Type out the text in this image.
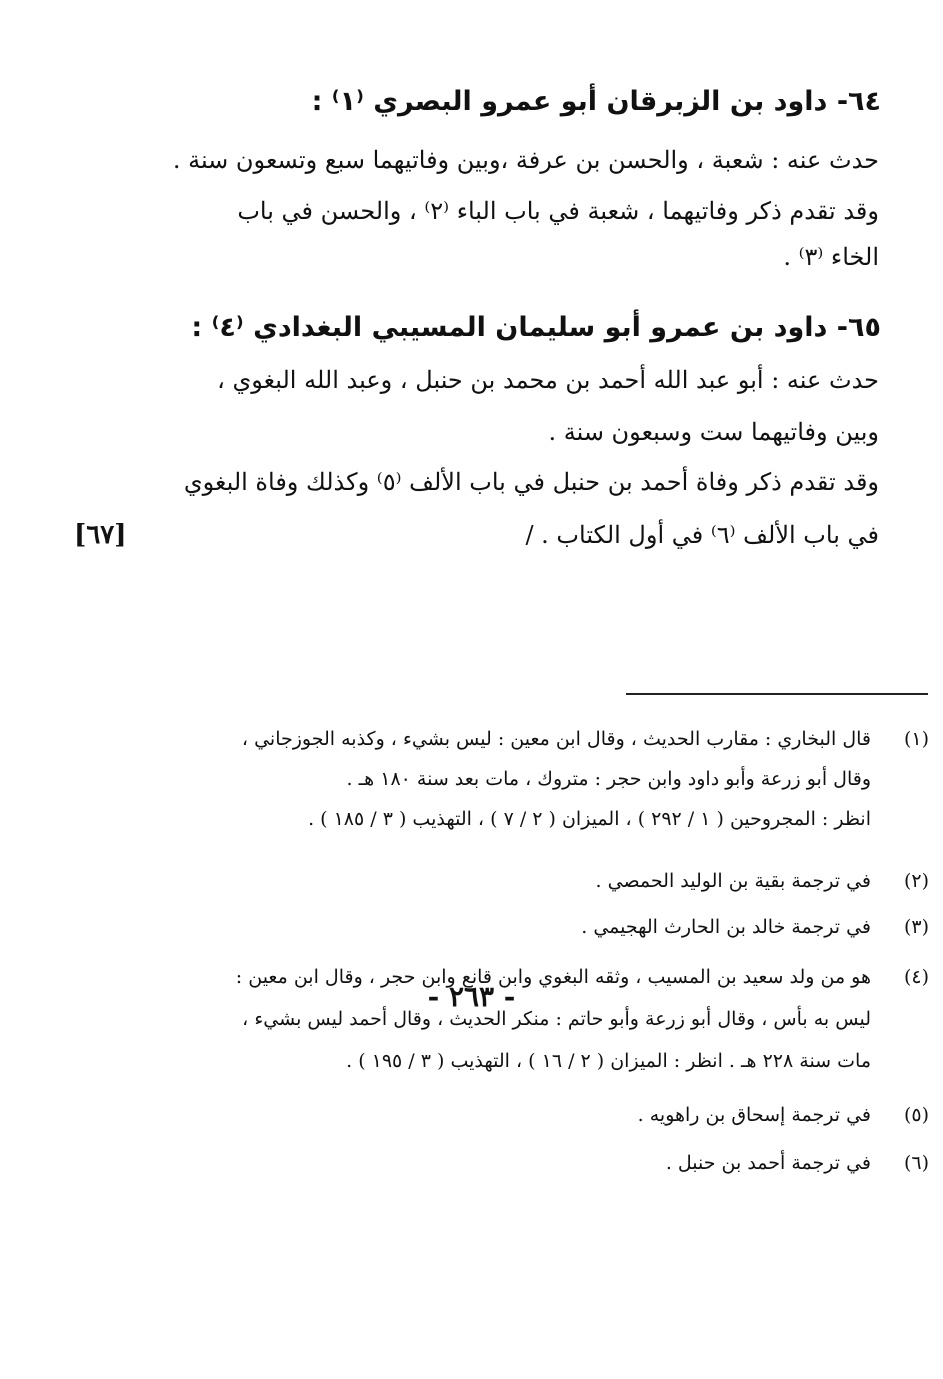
٦٤- داود بن الزبرقان أبو عمرو البصري ⁽١⁾ :
حدث عنه : شعبة ، والحسن بن عرفة ،وبين وفاتيهما سبع وتسعون سنة .
وقد تقدم ذكر وفاتيهما ، شعبة في باب الباء ⁽٢⁾ ، والحسن في باب
الخاء ⁽٣⁾ .
٦٥- داود بن عمرو أبو سليمان المسيبي البغدادي ⁽٤⁾ :
حدث عنه : أبو عبد الله أحمد بن محمد بن حنبل ، وعبد الله البغوي ،
وبين وفاتيهما ست وسبعون سنة .
وقد تقدم ذكر وفاة أحمد بن حنبل في باب الألف ⁽٥⁾ وكذلك وفاة البغوي
في باب الألف ⁽٦⁾ في أول الكتاب . /
[٦٧]
(١)
قال البخاري : مقارب الحديث ، وقال ابن معين : ليس بشيء ، وكذبه الجوزجاني ،
وقال أبو زرعة وأبو داود وابن حجر : متروك ، مات بعد سنة ١٨٠ هـ .
انظر : المجروحين ( ١ / ٢٩٢ ) ، الميزان ( ٢ / ٧ ) ، التهذيب ( ٣ / ١٨٥ ) .
(٢)
في ترجمة بقية بن الوليد الحمصي .
(٣)
في ترجمة خالد بن الحارث الهجيمي .
(٤)
هو من ولد سعيد بن المسيب ، وثقه البغوي وابن قانع وابن حجر ، وقال ابن معين :
ليس به بأس ، وقال أبو زرعة وأبو حاتم : منكر الحديث ، وقال أحمد ليس بشيء ،
مات سنة ٢٢٨ هـ . انظر : الميزان ( ٢ / ١٦ ) ، التهذيب ( ٣ / ١٩٥ ) .
(٥)
في ترجمة إسحاق بن راهويه .
(٦)
في ترجمة أحمد بن حنبل .
- ٢٦٣ -
